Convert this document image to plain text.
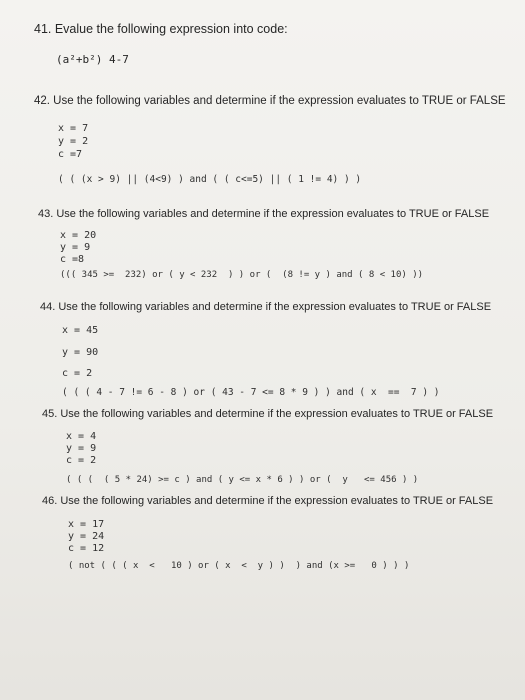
41. Evalue the following expression into code:
(a²+b²) 4-7
42. Use the following variables and determine if the expression evaluates to TRUE or FALSE
x = 7
y = 2
c =7
( ( (x > 9) || (4<9) ) and ( ( c<=5) || ( 1 != 4) ) )
43. Use the following variables and determine if the expression evaluates to TRUE or FALSE
x = 20
y = 9
c =8
((( 345 >=  232) or ( y < 232  ) ) or (  (8 != y ) and ( 8 < 10) ))
44. Use the following variables and determine if the expression evaluates to TRUE or FALSE
x = 45
y = 90
c = 2
( ( ( 4 - 7 != 6 - 8 ) or ( 43 - 7 <= 8 * 9 ) ) and ( x  ==  7 ) )
45. Use the following variables and determine if the expression evaluates to TRUE or FALSE
x = 4
y = 9
c = 2
( ( (  ( 5 * 24) >= c ) and ( y <= x * 6 ) ) or (  y   <= 456 ) )
46. Use the following variables and determine if the expression evaluates to TRUE or FALSE
x = 17
y = 24
c = 12
( not ( ( ( x  <   10 ) or ( x  <  y ) )  ) and (x >=   0 ) ) )
